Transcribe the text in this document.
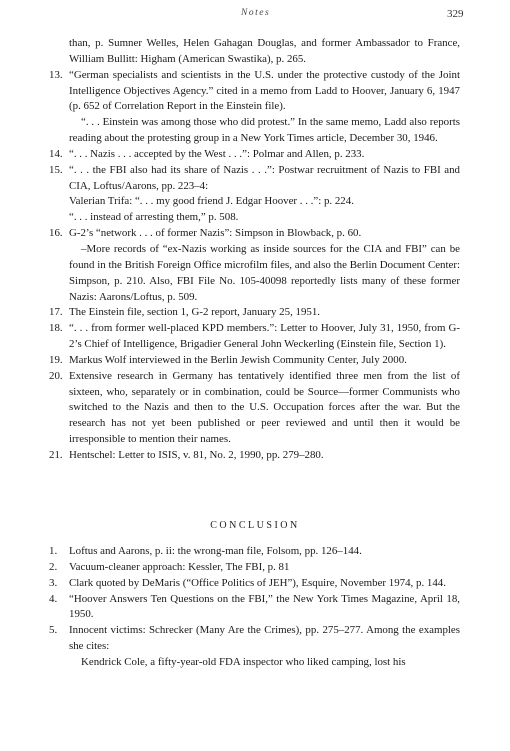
Notes	329
than, p. Sumner Welles, Helen Gahagan Douglas, and former Ambassador to France, William Bullitt: Higham (American Swastika), p. 265.
13. “German specialists and scientists in the U.S. under the protective custody of the Joint Intelligence Objectives Agency.” cited in a memo from Ladd to Hoover, January 6, 1947 (p. 652 of Correlation Report in the Einstein file).
“. . . Einstein was among those who did protest.” In the same memo, Ladd also reports reading about the protesting group in a New York Times article, December 30, 1946.
14. “. . . Nazis . . . accepted by the West . . .”: Polmar and Allen, p. 233.
15. “. . . the FBI also had its share of Nazis . . .”: Postwar recruitment of Nazis to FBI and CIA, Loftus/Aarons, pp. 223–4:
Valerian Trifa: “. . . my good friend J. Edgar Hoover . . .”: p. 224.
“. . . instead of arresting them,” p. 508.
16. G-2’s “network . . . of former Nazis”: Simpson in Blowback, p. 60.
–More records of “ex-Nazis working as inside sources for the CIA and FBI” can be found in the British Foreign Office microfilm files, and also the Berlin Document Center: Simpson, p. 210. Also, FBI File No. 105-40098 reportedly lists many of these former Nazis: Aarons/Loftus, p. 509.
17. The Einstein file, section 1, G-2 report, January 25, 1951.
18. “. . . from former well-placed KPD members.”: Letter to Hoover, July 31, 1950, from G-2’s Chief of Intelligence, Brigadier General John Weckerling (Einstein file, Section 1).
19. Markus Wolf interviewed in the Berlin Jewish Community Center, July 2000.
20. Extensive research in Germany has tentatively identified three men from the list of sixteen, who, separately or in combination, could be Source—former Communists who switched to the Nazis and then to the U.S. Occupation forces after the war. But the research has not yet been published or peer reviewed and until then it would be irresponsible to mention their names.
21. Hentschel: Letter to ISIS, v. 81, No. 2, 1990, pp. 279–280.
CONCLUSION
1.	Loftus and Aarons, p. ii: the wrong-man file, Folsom, pp. 126–144.
2.	Vacuum-cleaner approach: Kessler, The FBI, p. 81
3.	Clark quoted by DeMaris (“Office Politics of JEH”), Esquire, November 1974, p. 144.
4.	“Hoover Answers Ten Questions on the FBI,” the New York Times Magazine, April 18, 1950.
5.	Innocent victims: Schrecker (Many Are the Crimes), pp. 275–277. Among the examples she cites:
Kendrick Cole, a fifty-year-old FDA inspector who liked camping, lost his
